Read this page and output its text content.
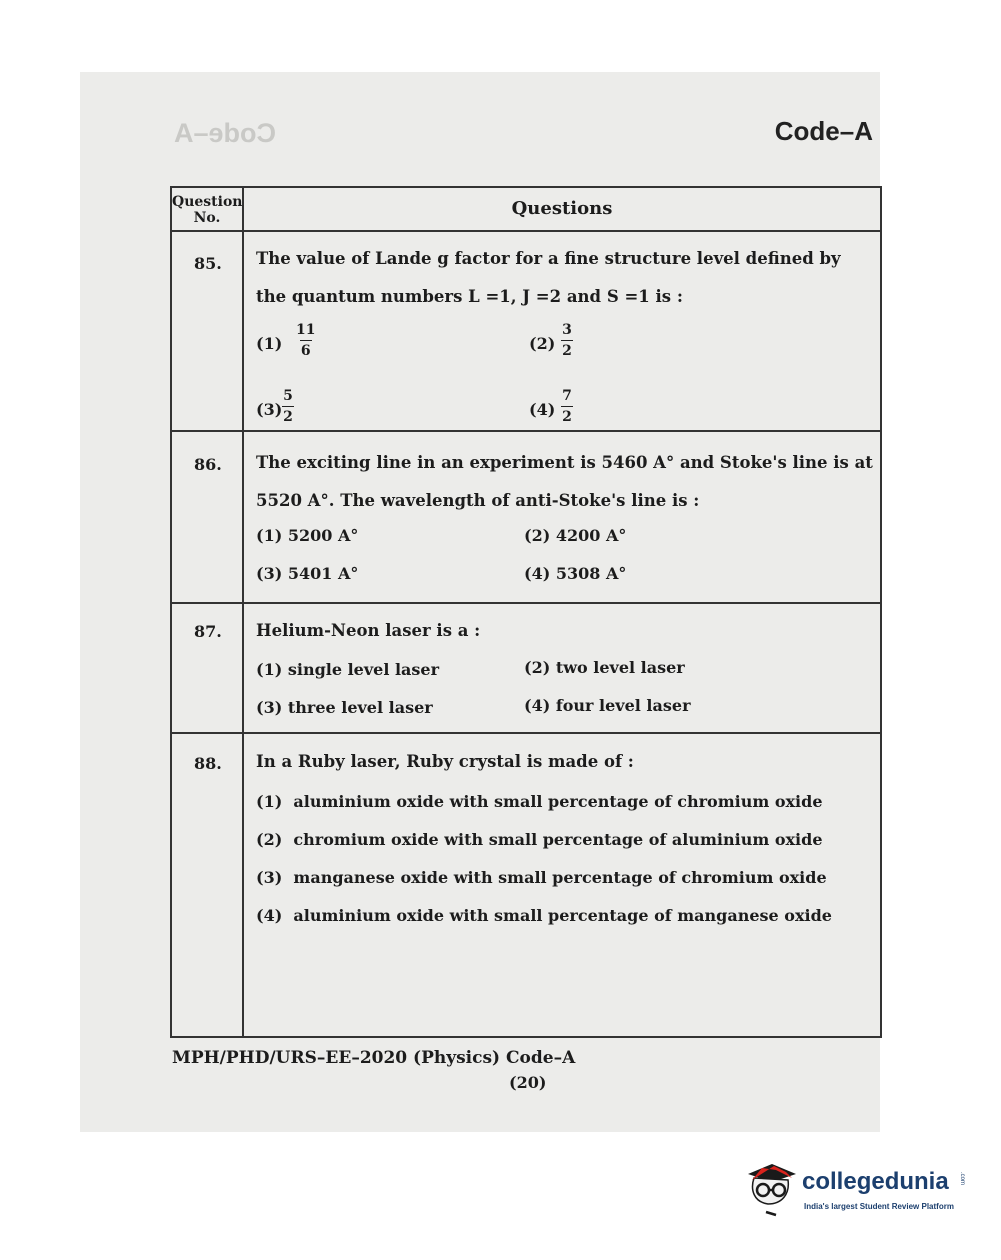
Code–A	Code–A
Question No.	Questions
85. The value of Lande g factor for a fine structure level defined by the quantum numbers L =1, J =2 and S =1 is :
(1)
11
6	(2)
3
2
(3)
5
2	(4)
7
2
86. The exciting line in an experiment is 5460 A° and Stoke's line is at 5520 A°. The wavelength of anti-Stoke's line is :
(1) 5200 A°	(2) 4200 A°
(3) 5401 A°	(4) 5308 A°
87. Helium-Neon laser is a :
(1) single level laser	(2) two level laser
(3) three level laser	(4) four level laser
88. In a Ruby laser, Ruby crystal is made of :
(1) aluminium oxide with small percentage of chromium oxide
(2) chromium oxide with small percentage of aluminium oxide
(3) manganese oxide with small percentage of chromium oxide
(4) aluminium oxide with small percentage of manganese oxide
MPH/PHD/URS–EE–2020 (Physics) Code–A
(20)
collegedunia .com
India's largest Student Review Platform
